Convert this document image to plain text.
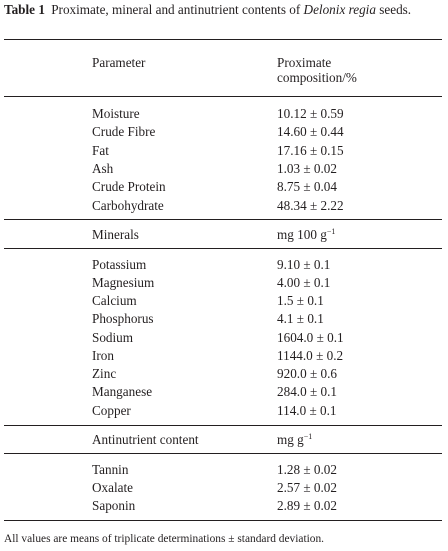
Table 1 Proximate, mineral and antinutrient contents of Delonix regia seeds.
Parameter	Proximate
composition/%
Moisture	10.12 ± 0.59
Crude Fibre	14.60 ± 0.44
Fat	17.16 ± 0.15
Ash	1.03 ± 0.02
Crude Protein	8.75 ± 0.04
Carbohydrate	48.34 ± 2.22
Minerals	mg 100 $g^{-1}$
Potassium	9.10 ± 0.1
Magnesium	4.00 ± 0.1
Calcium	1.5 ± 0.1
Phosphorus	4.1 ± 0.1
Sodium	1604.0 ± 0.1
Iron	1144.0 ± 0.2
Zinc	920.0 ± 0.6
Manganese	284.0 ± 0.1
Copper	114.0 ± 0.1
Antinutrient content	mg $g^{-1}$
Tannin	1.28 ± 0.02
Oxalate	2.57 ± 0.02
Saponin	2.89 ± 0.02
All values are means of triplicate determinations ± standard deviation.
